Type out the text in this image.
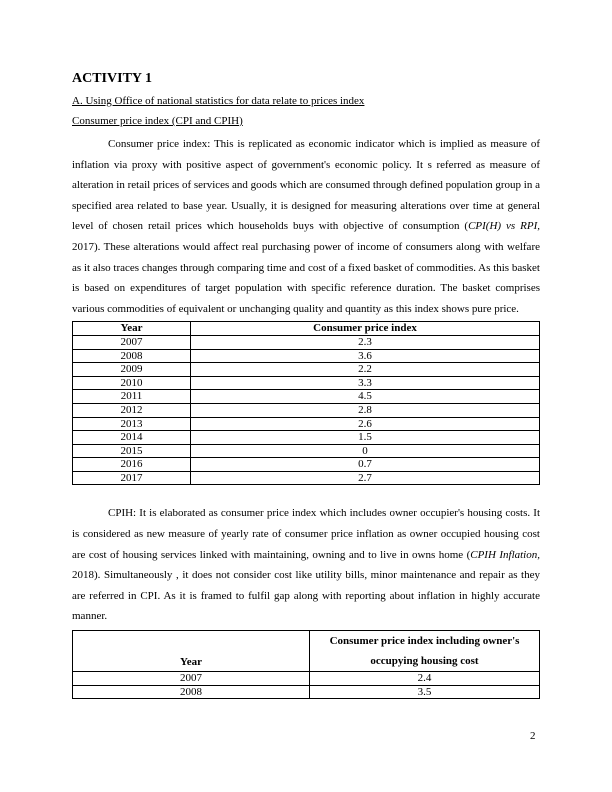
ACTIVITY 1
A. Using Office of national statistics for data relate to prices index
Consumer price index (CPI and CPIH)

Consumer price index: This is replicated as economic indicator which is implied as measure of inflation via proxy with positive aspect of government's economic policy. It s referred as measure of alteration in retail prices of services and goods which are consumed through defined population group in a specified area related to base year. Usually, it is designed for measuring alterations over time at general level of chosen retail prices which households buys with objective of consumption (CPI(H) vs RPI, 2017). These alterations would affect real purchasing power of income of consumers along with welfare as it also traces changes through comparing time and cost of a fixed basket of commodities. As this basket is based on expenditures of target population with specific reference duration. The basket comprises various commodities of equivalent or unchanging quality and quantity as this index shows pure price.

Year	Consumer price index
2007	2.3
2008	3.6
2009	2.2
2010	3.3
2011	4.5
2012	2.8
2013	2.6
2014	1.5
2015	0
2016	0.7
2017	2.7

CPIH: It is elaborated as consumer price index which includes owner occupier's housing costs. It is considered as new measure of yearly rate of consumer price inflation as owner occupied housing cost are cost of housing services linked with maintaining, owning and to live in owns home (CPIH Inflation, 2018). Simultaneously , it does not consider cost like utility bills, minor maintenance and repair as they are referred in CPI. As it is framed to fulfil gap along with reporting about inflation in highly accurate manner.

Year	Consumer price index including owner's occupying housing cost
2007	2.4
2008	3.5
2
